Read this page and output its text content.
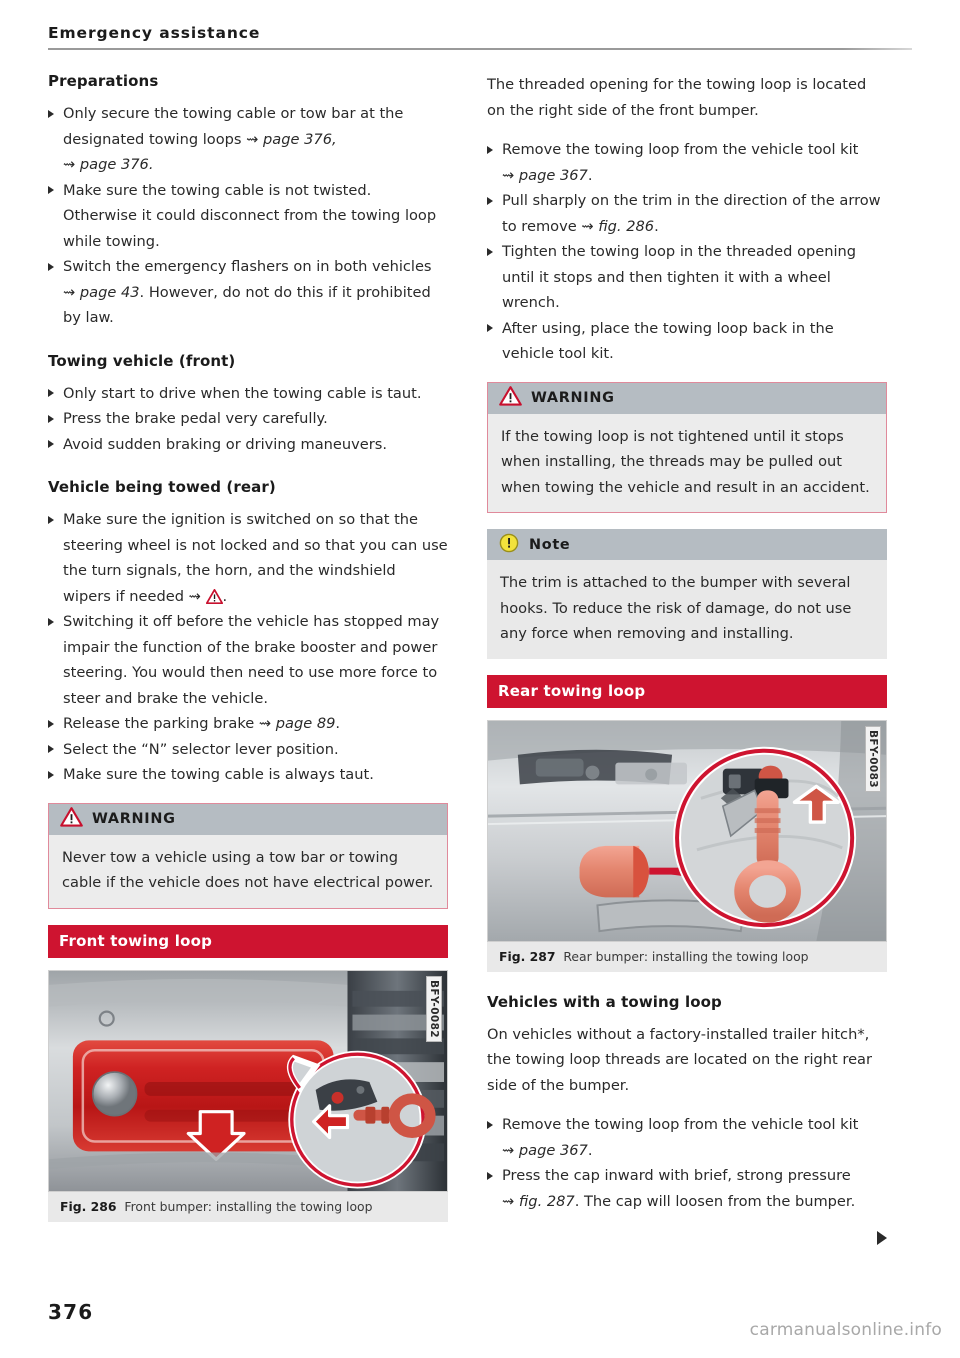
Emergency assistance
Preparations
Only secure the towing cable or tow bar at the designated towing loops ⇝ page 376,
⇝ page 376.
Make sure the towing cable is not twisted. Otherwise it could disconnect from the towing loop while towing.
Switch the emergency flashers on in both vehicles ⇝ page 43. However, do not do this if it prohibited by law.
Towing vehicle (front)
Only start to drive when the towing cable is taut.
Press the brake pedal very carefully.
Avoid sudden braking or driving maneuvers.
Vehicle being towed (rear)
Make sure the ignition is switched on so that the steering wheel is not locked and so that you can use the turn signals, the horn, and the windshield wipers if needed ⇝ .
Switching it off before the vehicle has stopped may impair the function of the brake booster and power steering. You would then need to use more force to steer and brake the vehicle.
Release the parking brake ⇝ page 89.
Select the “N” selector lever position.
Make sure the towing cable is always taut.
WARNING
Never tow a vehicle using a tow bar or towing cable if the vehicle does not have electrical power.
Front towing loop
BFY-0082
Fig. 286 Front bumper: installing the towing loop

The threaded opening for the towing loop is located on the right side of the front bumper.

Remove the towing loop from the vehicle tool kit ⇝ page 367.
Pull sharply on the trim in the direction of the arrow to remove ⇝ fig. 286.
Tighten the towing loop in the threaded opening until it stops and then tighten it with a wheel wrench.
After using, place the towing loop back in the vehicle tool kit.
WARNING
If the towing loop is not tightened until it stops when installing, the threads may be pulled out when towing the vehicle and result in an accident.
Note
The trim is attached to the bumper with several hooks. To reduce the risk of damage, do not use any force when removing and installing.
Rear towing loop
BFY-0083
Fig. 287 Rear bumper: installing the towing loop
Vehicles with a towing loop

On vehicles without a factory-installed trailer hitch*, the towing loop threads are located on the right rear side of the bumper.

Remove the towing loop from the vehicle tool kit ⇝ page 367.
Press the cap inward with brief, strong pressure ⇝ fig. 287. The cap will loosen from the bumper.
376
carmanualsonline.info
